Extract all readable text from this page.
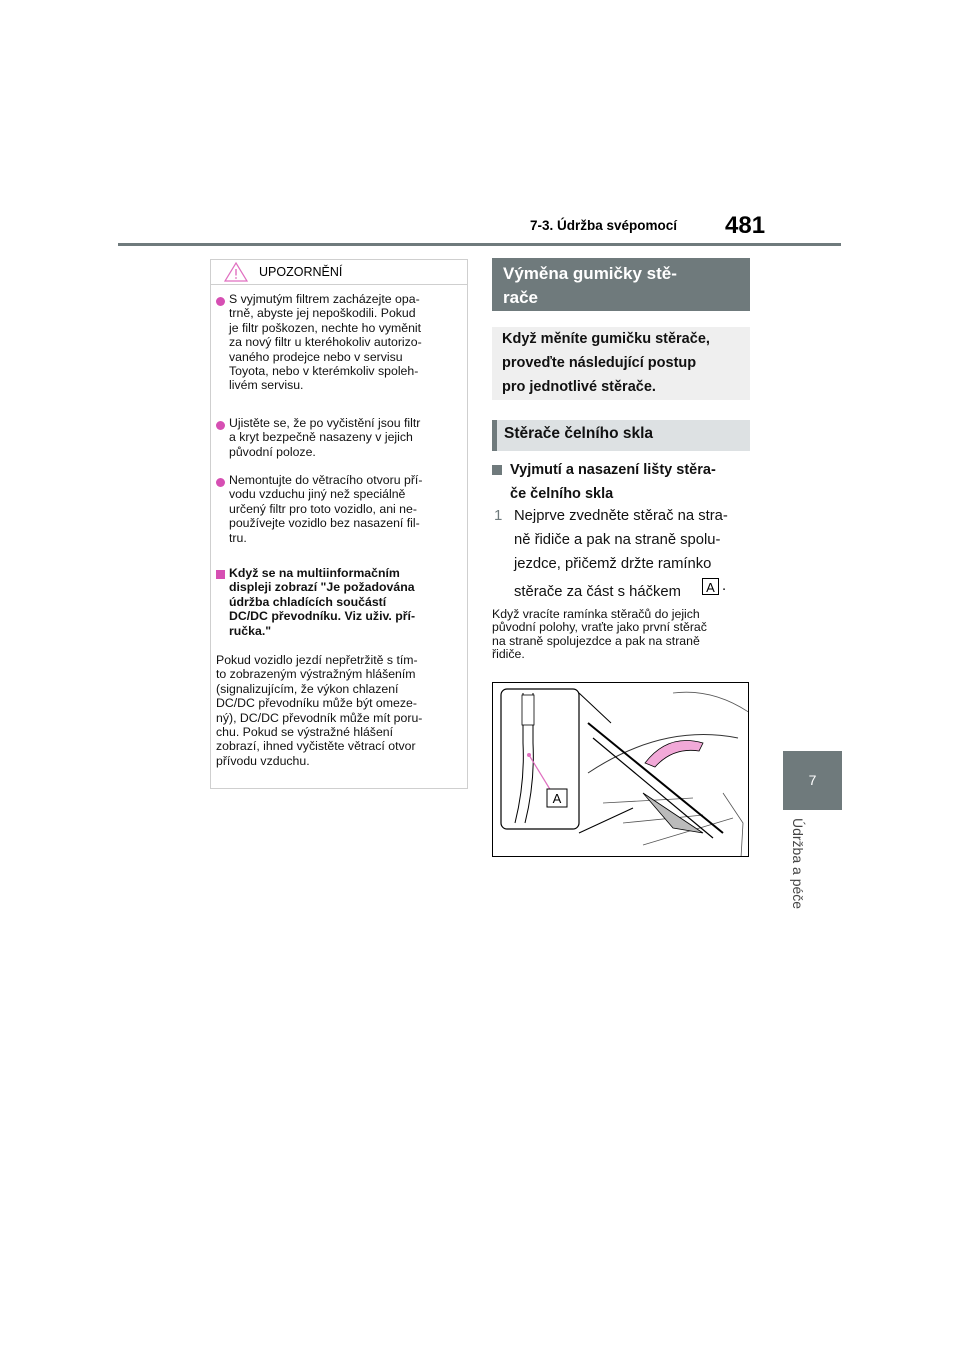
7-3. Údržba svépomocí	481
7
Údržba a péče
UPOZORNĚNÍ
S vyjmutým filtrem zacházejte opa-
trně, abyste jej nepoškodili. Pokud
je filtr poškozen, nechte ho vyměnit
za nový filtr u kteréhokoliv autorizo-
vaného prodejce nebo v servisu
Toyota, nebo v kterémkoliv spoleh-
livém servisu.
Ujistěte se, že po vyčistění jsou filtr
a kryt bezpečně nasazeny v jejich
původní poloze.
Nemontujte do větracího otvoru pří-
vodu vzduchu jiný než speciálně
určený filtr pro toto vozidlo, ani ne-
používejte vozidlo bez nasazení fil-
tru.
Když se na multiinformačním
displeji zobrazí "Je požadována
údržba chladících součástí
DC/DC převodníku. Viz uživ. pří-
ručka."
Pokud vozidlo jezdí nepřetržitě s tím-
to zobrazeným výstražným hlášením
(signalizujícím, že výkon chlazení
DC/DC převodníku může být omeze-
ný), DC/DC převodník může mít poru-
chu. Pokud se výstražné hlášení
zobrazí, ihned vyčistěte větrací otvor
přívodu vzduchu.
Výměna gumičky stě-
rače
Když měníte gumičku stěrače,
proveďte následující postup
pro jednotlivé stěrače.
Stěrače čelního skla
Vyjmutí a nasazení lišty stěra-
če čelního skla
1 Nejprve zvedněte stěrač na stra-
ně řidiče a pak na straně spolu-
jezdce, přičemž držte ramínko
stěrače za část s háčkem	A .
Když vracíte ramínka stěračů do jejich
původní polohy, vraťte jako první stěrač
na straně spolujezdce a pak na straně
řidiče.
A
